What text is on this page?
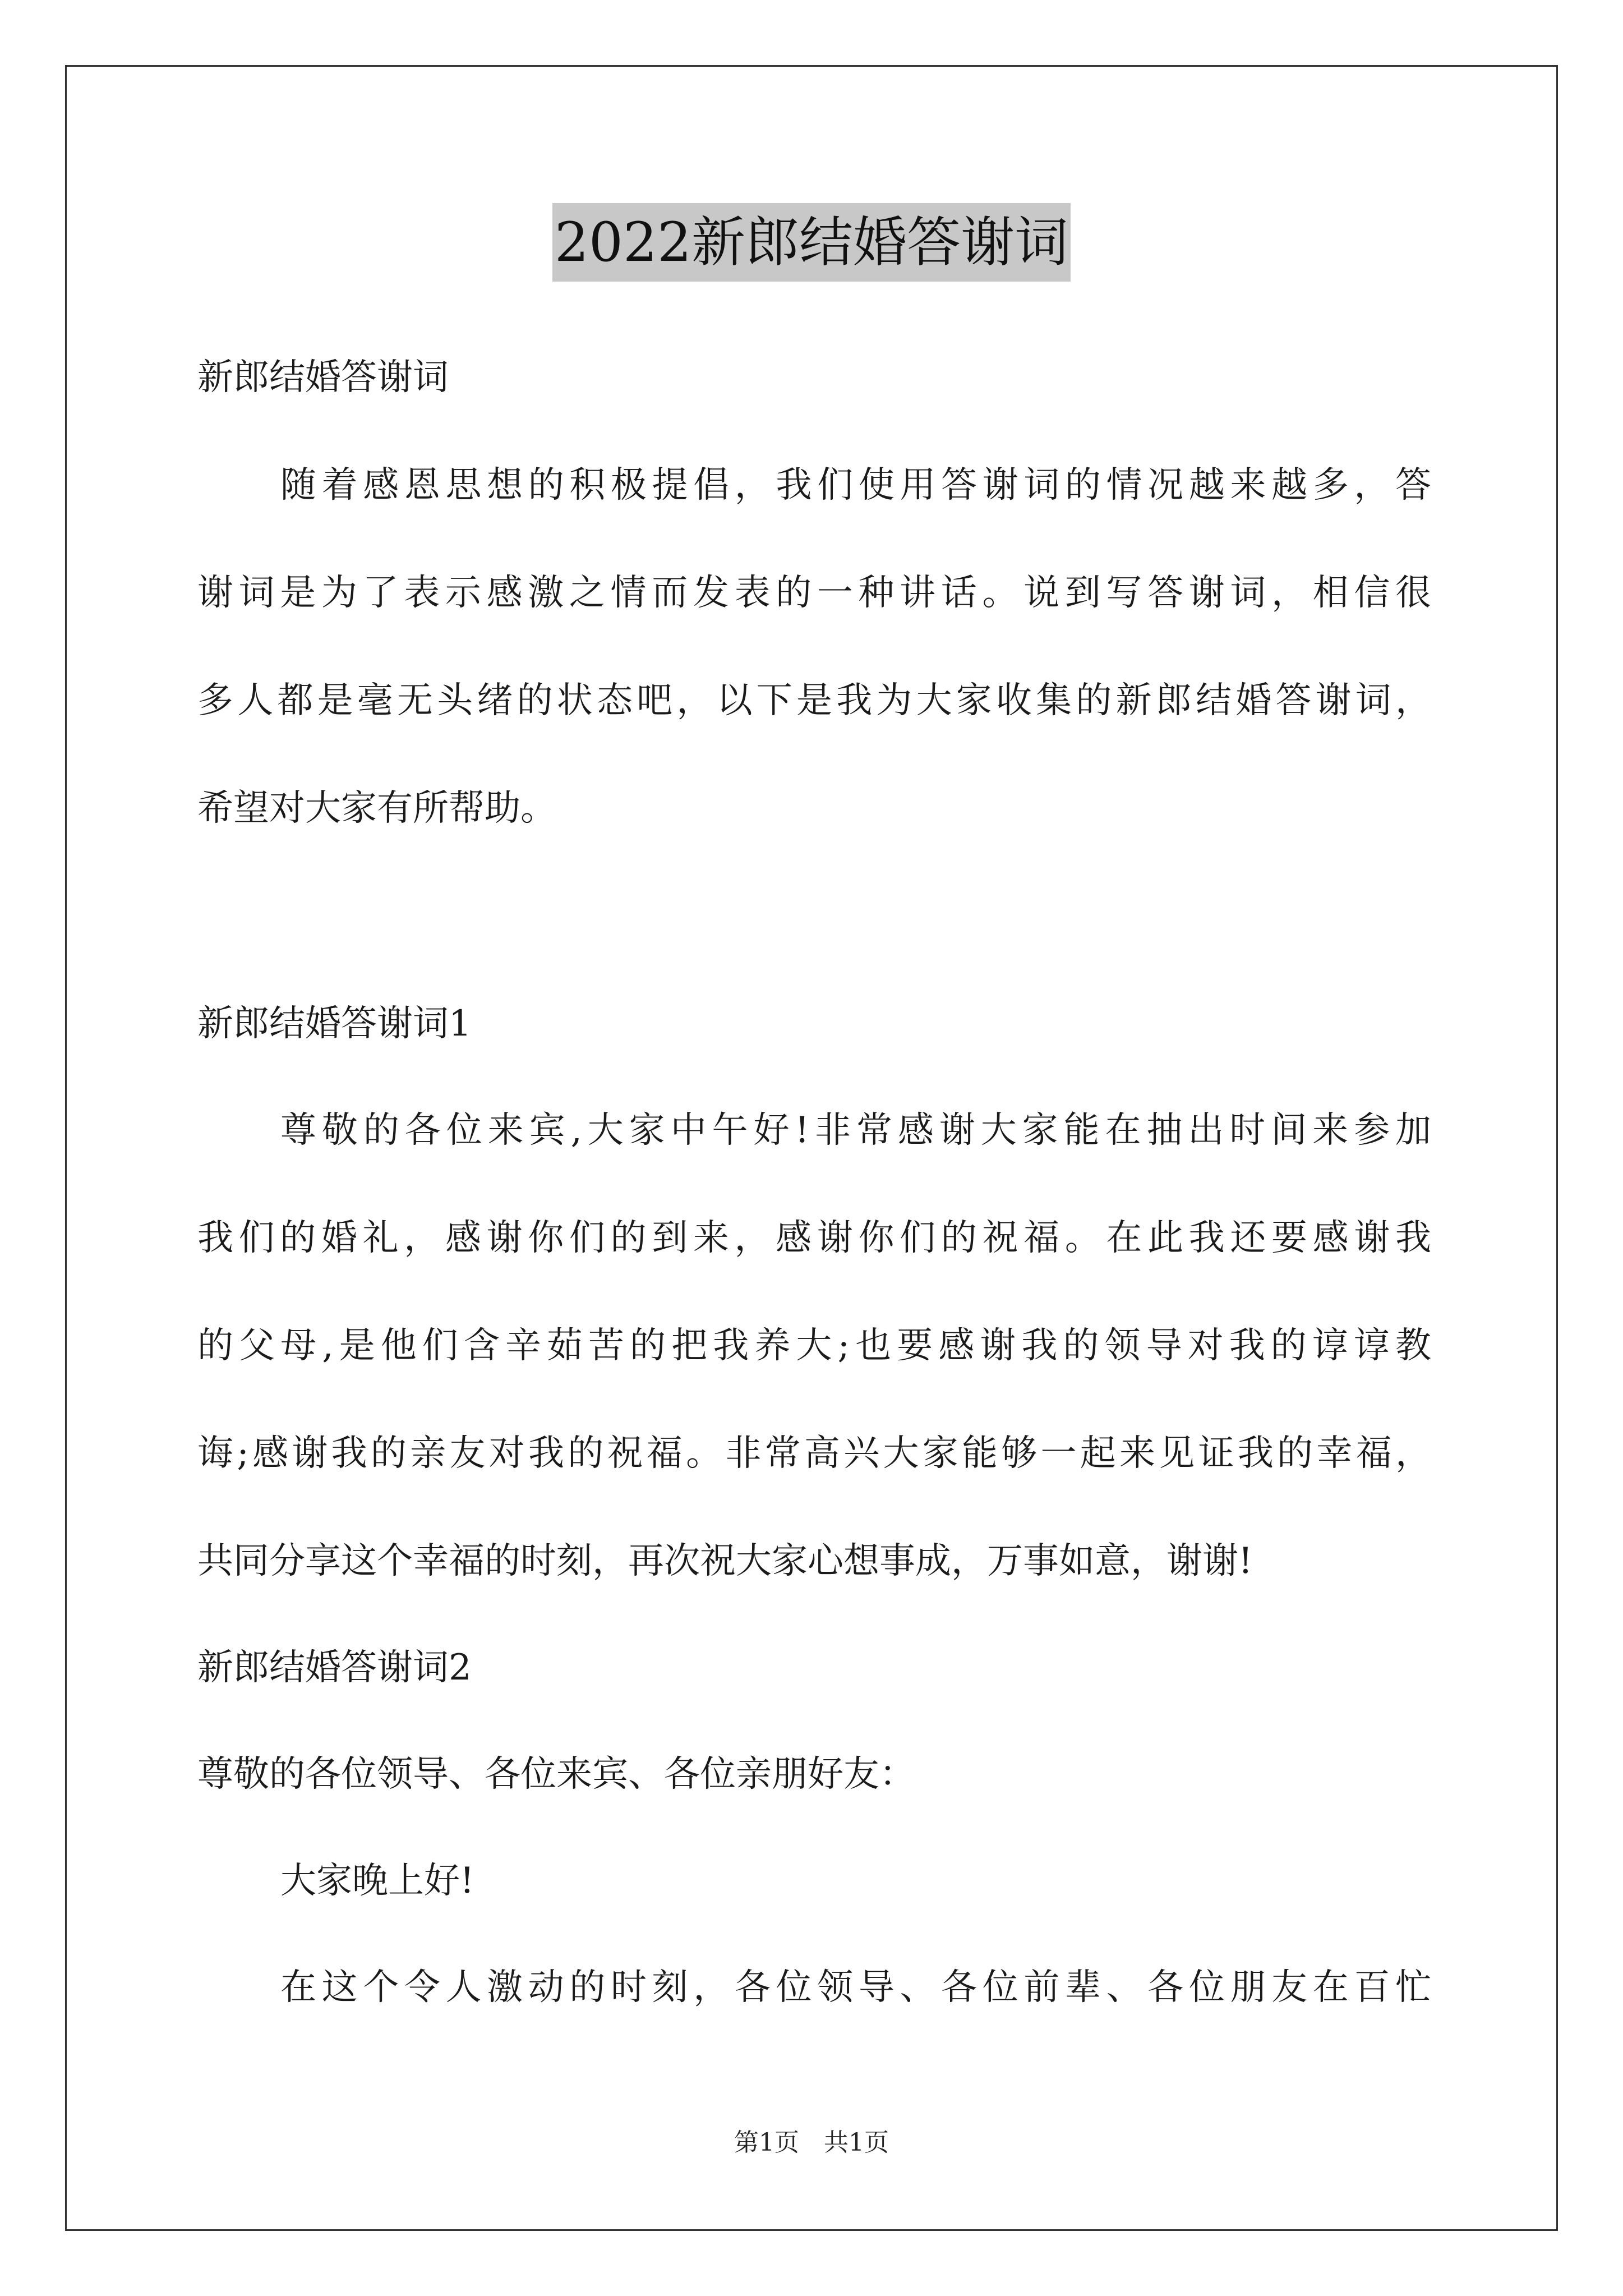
2022新郎结婚答谢词
新郎结婚答谢词
随着感恩思想的积极提倡，我们使用答谢词的情况越来越多，答
谢词是为了表示感激之情而发表的一种讲话。说到写答谢词，相信很
多人都是毫无头绪的状态吧，以下是我为大家收集的新郎结婚答谢词，
希望对大家有所帮助。
新郎结婚答谢词1
尊敬的各位来宾,大家中午好!非常感谢大家能在抽出时间来参加
我们的婚礼，感谢你们的到来，感谢你们的祝福。在此我还要感谢我
的父母,是他们含辛茹苦的把我养大;也要感谢我的领导对我的谆谆教
诲;感谢我的亲友对我的祝福。非常高兴大家能够一起来见证我的幸福，
共同分享这个幸福的时刻，再次祝大家心想事成，万事如意，谢谢!
新郎结婚答谢词2
尊敬的各位领导、各位来宾、各位亲朋好友：
大家晚上好!
在这个令人激动的时刻，各位领导、各位前辈、各位朋友在百忙
第1页　共1页
